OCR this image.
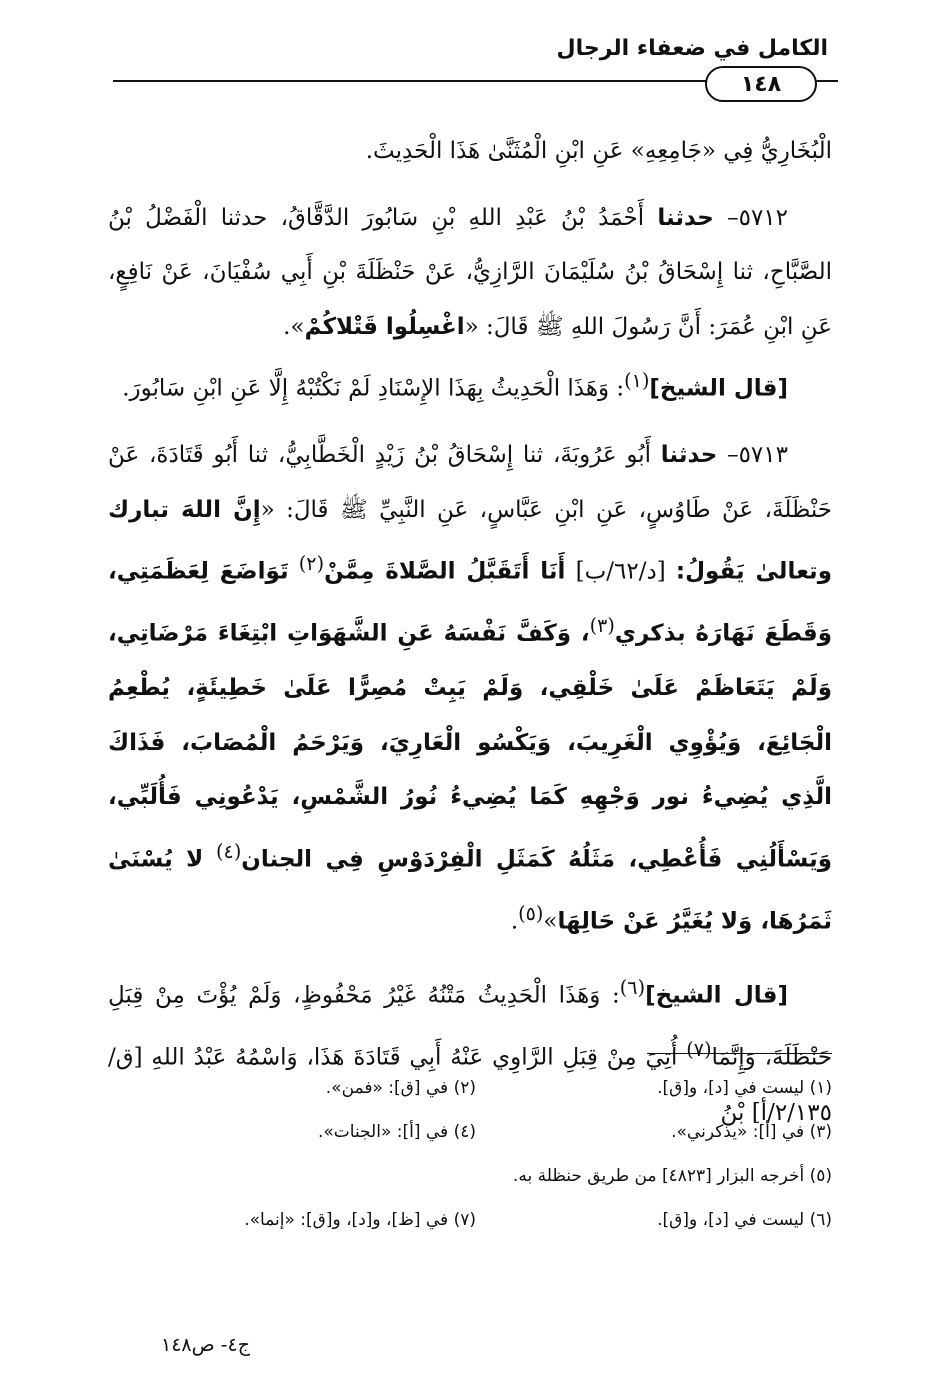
الكامل في ضعفاء الرجال
١٤٨

الْبُخَارِيُّ فِي «جَامِعِهِ» عَنِ ابْنِ الْمُثَنَّىٰ هَذَا الْحَدِيثَ.

٥٧١٢– حدثنا أَحْمَدُ بْنُ عَبْدِ اللهِ بْنِ سَابُورَ الدَّقَّاقُ، حدثنا الْفَضْلُ بْنُ الصَّبَّاحِ، ثنا إِسْحَاقُ بْنُ سُلَيْمَانَ الرَّازِيُّ، عَنْ حَنْظَلَةَ بْنِ أَبِي سُفْيَانَ، عَنْ نَافِعٍ، عَنِ ابْنِ عُمَرَ: أَنَّ رَسُولَ اللهِ ﷺ قَالَ: «اغْسِلُوا قَتْلاكُمْ».

[قال الشيخ]$^{(١)}$: وَهَذَا الْحَدِيثُ بِهَذَا الإِسْنَادِ لَمْ نَكْتُبْهُ إِلَّا عَنِ ابْنِ سَابُورَ.

٥٧١٣– حدثنا أَبُو عَرُوبَةَ، ثنا إِسْحَاقُ بْنُ زَيْدٍ الْخَطَّابِيُّ، ثنا أَبُو قَتَادَةَ، عَنْ حَنْظَلَةَ، عَنْ طَاوُسٍ، عَنِ ابْنِ عَبَّاسٍ، عَنِ النَّبِيِّ ﷺ قَالَ: «إِنَّ اللهَ تبارك وتعالىٰ يَقُولُ: [د/٦٢/ب] أَنَا أَتَقَبَّلُ الصَّلاةَ مِمَّنْ$^{(٢)}$ تَوَاضَعَ لِعَظَمَتِي، وَقَطَعَ نَهَارَهُ بذكري$^{(٣)}$، وَكَفَّ نَفْسَهُ عَنِ الشَّهَوَاتِ ابْتِغَاءَ مَرْضَاتِي، وَلَمْ يَتَعَاظَمْ عَلَىٰ خَلْقِي، وَلَمْ يَبِتْ مُصِرًّا عَلَىٰ خَطِيئَةٍ، يُطْعِمُ الْجَائِعَ، وَيُؤْوِي الْغَرِيبَ، وَيَكْسُو الْعَارِيَ، وَيَرْحَمُ الْمُصَابَ، فَذَاكَ الَّذِي يُضِيءُ نور وَجْهِهِ كَمَا يُضِيءُ نُورُ الشَّمْسِ، يَدْعُونِي فَأُلَبِّي، وَيَسْأَلُنِي فَأُعْطِي، مَثَلُهُ كَمَثَلِ الْفِرْدَوْسِ فِي الجنان$^{(٤)}$ لا يُسْنَىٰ ثَمَرُهَا، وَلا يُغَيَّرُ عَنْ حَالِهَا»$^{(٥)}$.

[قال الشيخ]$^{(٦)}$: وَهَذَا الْحَدِيثُ مَتْنُهُ غَيْرُ مَحْفُوظٍ، وَلَمْ يُؤْتَ مِنْ قِبَلِ حَنْظَلَةَ، وَإِنَّمَا$^{(٧)}$ أُتِيَ مِنْ قِبَلِ الرَّاوِي عَنْهُ أَبِي قَتَادَةَ هَذَا، وَاسْمُهُ عَبْدُ اللهِ [ق/٢/١٣٥/أ] بْنُ

(١) ليست في [د]، و[ق].
(٢) في [ق]: «فمن».
(٣) في [أ]: «يذكرني».
(٤) في [أ]: «الجنات».
(٥) أخرجه البزار [٤٨٢٣] من طريق حنظلة به.
(٦) ليست في [د]، و[ق].
(٧) في [ظ]، و[د]، و[ق]: «إنما».
ج٤- ص١٤٨
